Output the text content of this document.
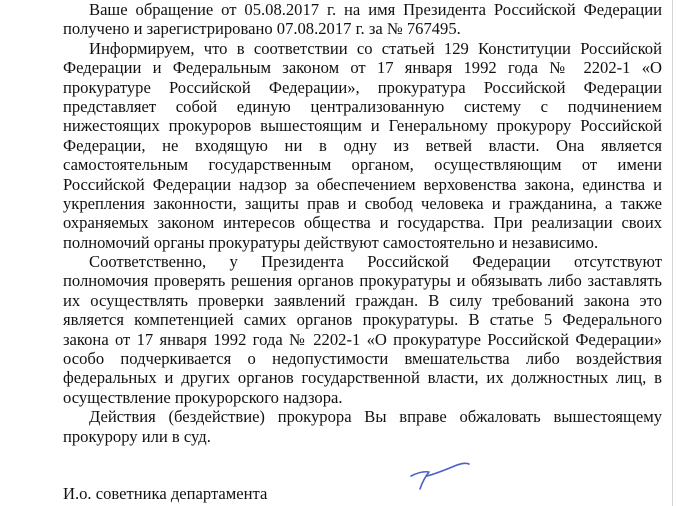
Ваше обращение от 05.08.2017 г. на имя Президента Российской Федерации
получено и зарегистрировано 07.08.2017 г. за № 767495.

Информируем, что в соответствии со статьей 129 Конституции Российской
Федерации и Федеральным законом от 17 января 1992 года № 2202-1 «О
прокуратуре Российской Федерации», прокуратура Российской Федерации
представляет собой единую централизованную систему с подчинением
нижестоящих прокуроров вышестоящим и Генеральному прокурору Российской
Федерации, не входящую ни в одну из ветвей власти. Она является
самостоятельным государственным органом, осуществляющим от имени
Российской Федерации надзор за обеспечением верховенства закона, единства и
укрепления законности, защиты прав и свобод человека и гражданина, а также
охраняемых законом интересов общества и государства. При реализации своих
полномочий органы прокуратуры действуют самостоятельно и независимо.

Соответственно, у Президента Российской Федерации отсутствуют
полномочия проверять решения органов прокуратуры и обязывать либо заставлять
их осуществлять проверки заявлений граждан. В силу требований закона это
является компетенцией самих органов прокуратуры. В статье 5 Федерального
закона от 17 января 1992 года № 2202-1 «О прокуратуре Российской Федерации»
особо подчеркивается о недопустимости вмешательства либо воздействия
федеральных и других органов государственной власти, их должностных лиц, в
осуществление прокурорского надзора.

Действия (бездействие) прокурора Вы вправе обжаловать вышестоящему
прокурору или в суд.

И.о. советника департамента
